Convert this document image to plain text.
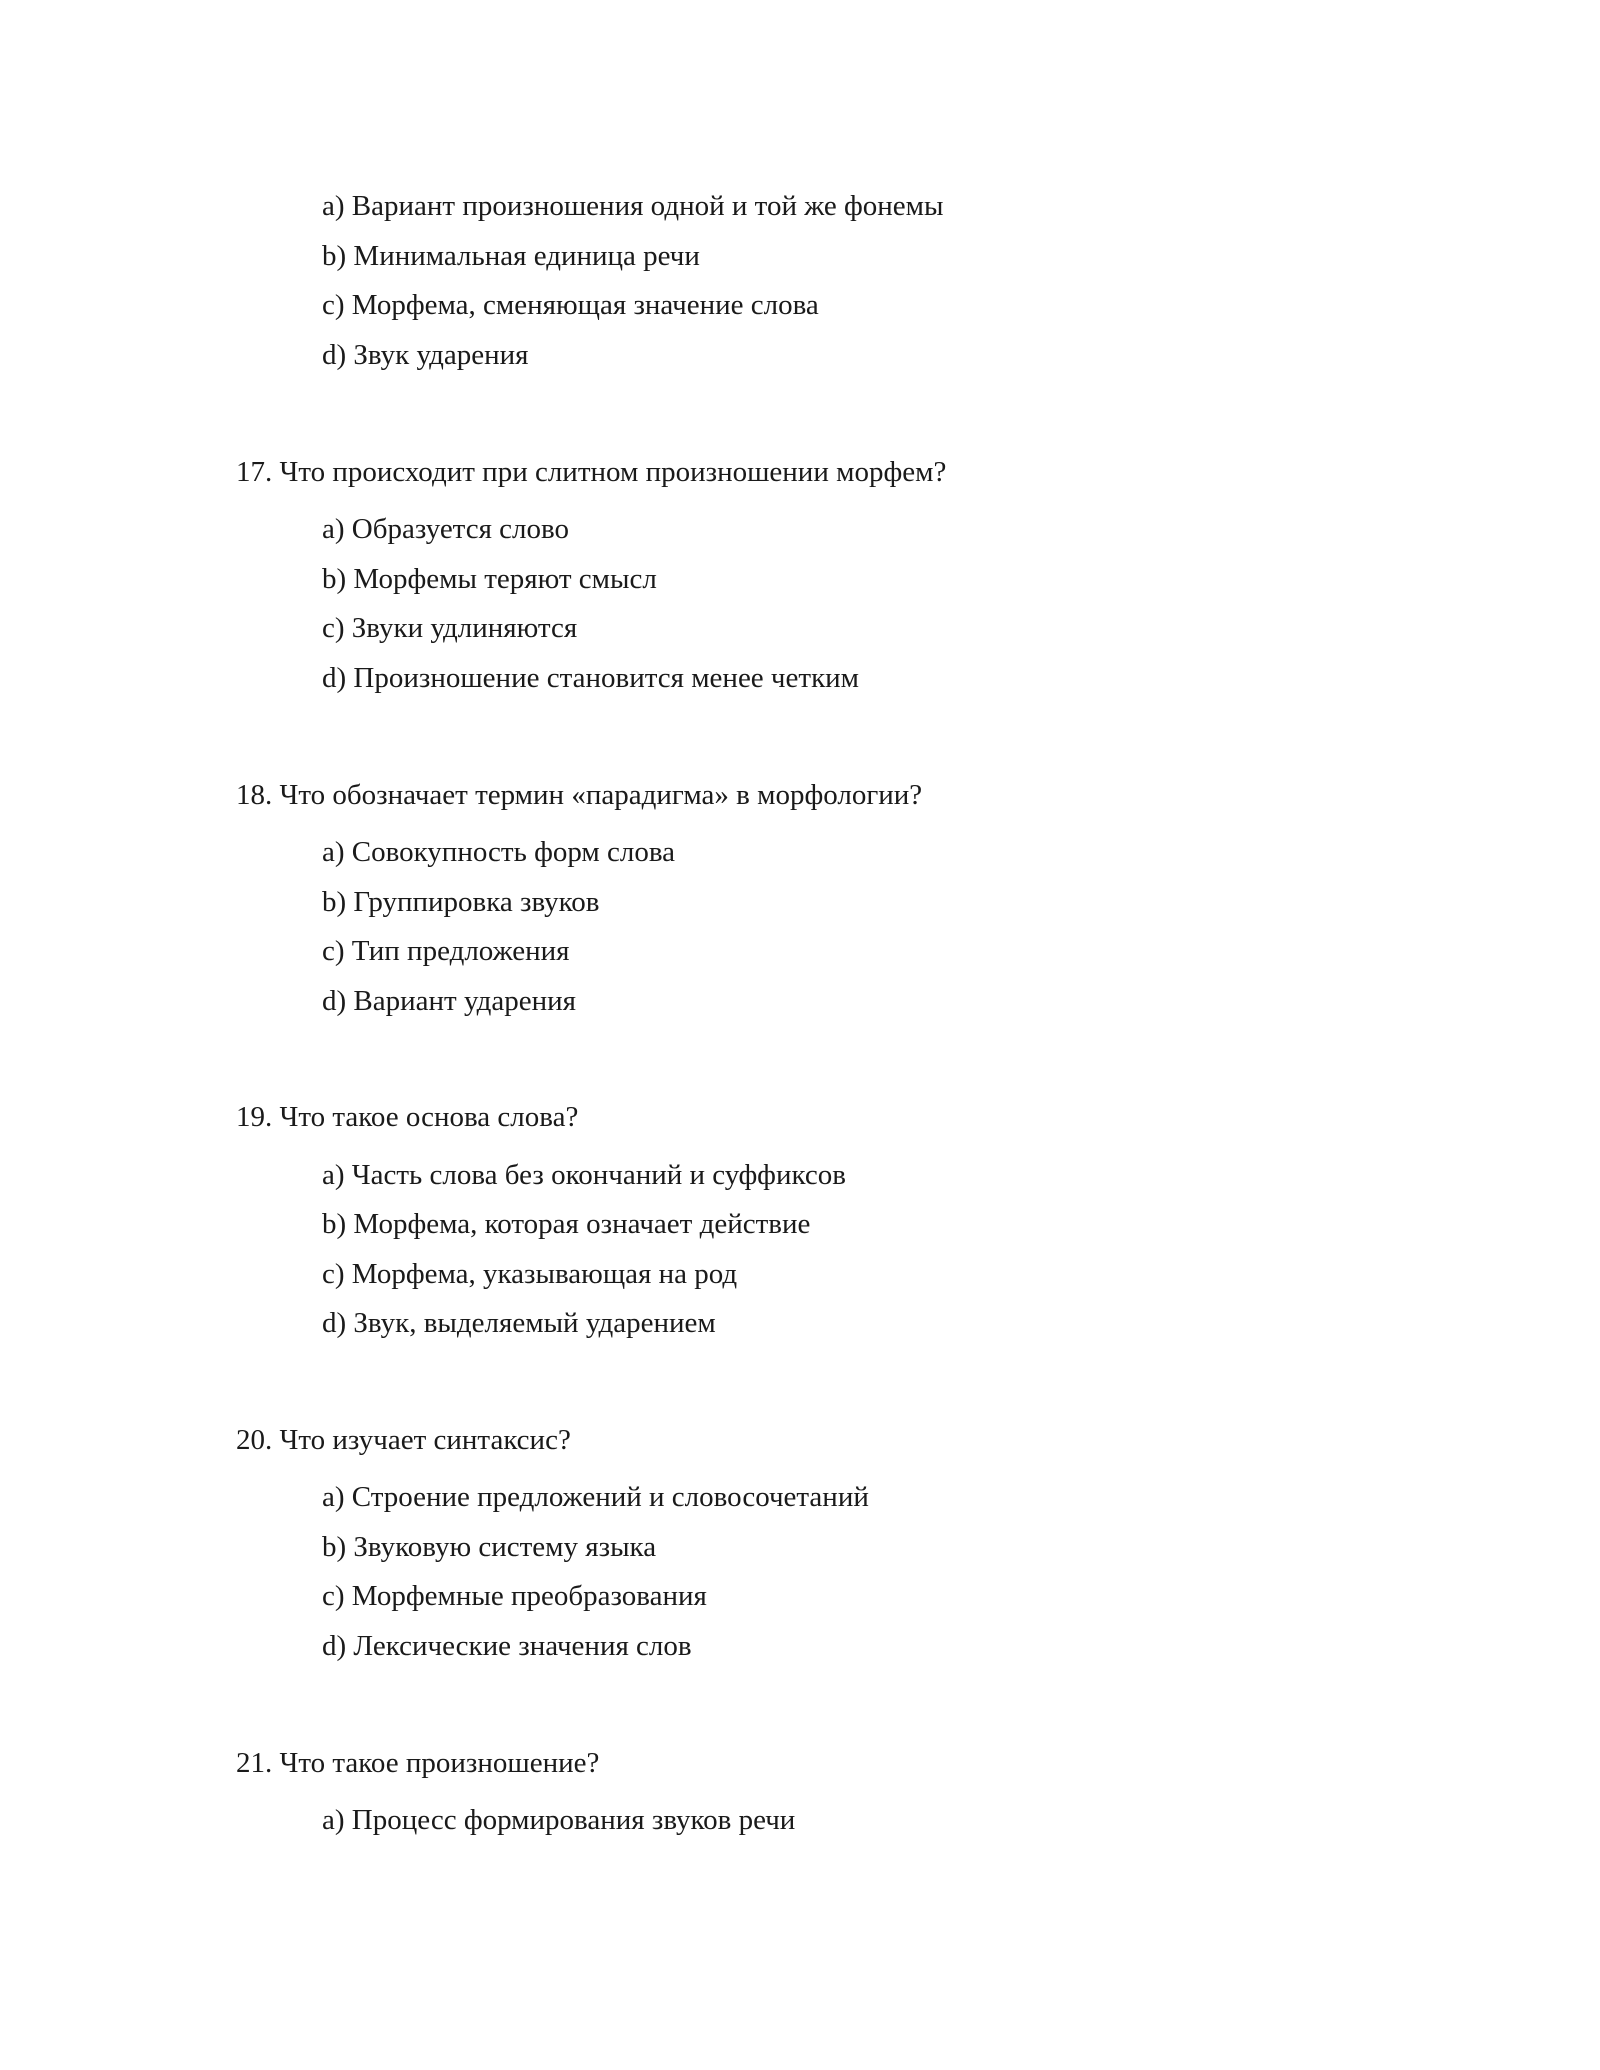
a) Вариант произношения одной и той же фонемы

b) Минимальная единица речи

c) Морфема, сменяющая значение слова

d) Звук ударения

17. Что происходит при слитном произношении морфем?

a) Образуется слово

b) Морфемы теряют смысл

c) Звуки удлиняются

d) Произношение становится менее четким

18. Что обозначает термин «парадигма» в морфологии?

a) Совокупность форм слова

b) Группировка звуков

c) Тип предложения

d) Вариант ударения

19. Что такое основа слова?

a) Часть слова без окончаний и суффиксов

b) Морфема, которая означает действие

c) Морфема, указывающая на род

d) Звук, выделяемый ударением

20. Что изучает синтаксис?

a) Строение предложений и словосочетаний

b) Звуковую систему языка

c) Морфемные преобразования

d) Лексические значения слов

21. Что такое произношение?

a) Процесс формирования звуков речи
